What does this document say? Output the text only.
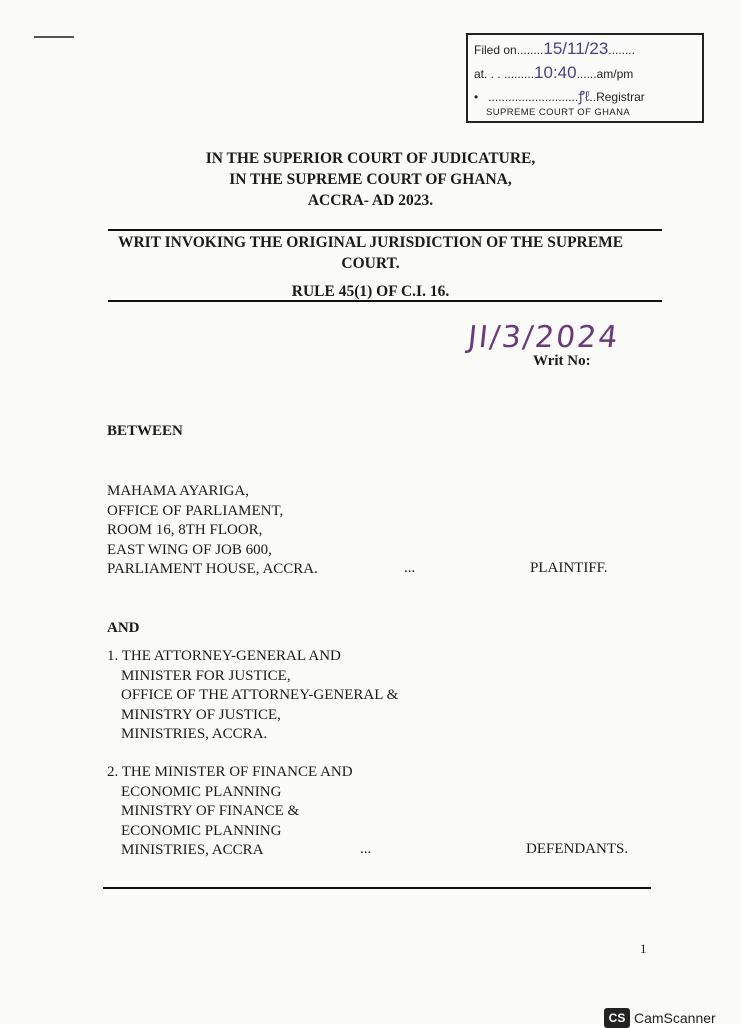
Filed on........15/11/23........
at. . . .........10:40......am/pm
•   ...........................ꝭℓ..Registrar
SUPREME COURT OF GHANA
IN THE SUPERIOR COURT OF JUDICATURE,
IN THE SUPREME COURT OF GHANA,
ACCRA- AD 2023.
WRIT INVOKING THE ORIGINAL JURISDICTION OF THE SUPREME
COURT.
RULE 45(1) OF C.I. 16.
JI/3/2024
Writ No:
BETWEEN
MAHAMA AYARIGA,
OFFICE OF PARLIAMENT,
ROOM 16, 8TH FLOOR,
EAST WING OF JOB 600,
PARLIAMENT HOUSE, ACCRA.	...	PLAINTIFF.
AND
1. THE ATTORNEY-GENERAL AND
MINISTER FOR JUSTICE,
OFFICE OF THE ATTORNEY-GENERAL &
MINISTRY OF JUSTICE,
MINISTRIES, ACCRA.
2. THE MINISTER OF FINANCE AND
ECONOMIC PLANNING
MINISTRY OF FINANCE &
ECONOMIC PLANNING
MINISTRIES, ACCRA	...	DEFENDANTS.
1
CS CamScanner
